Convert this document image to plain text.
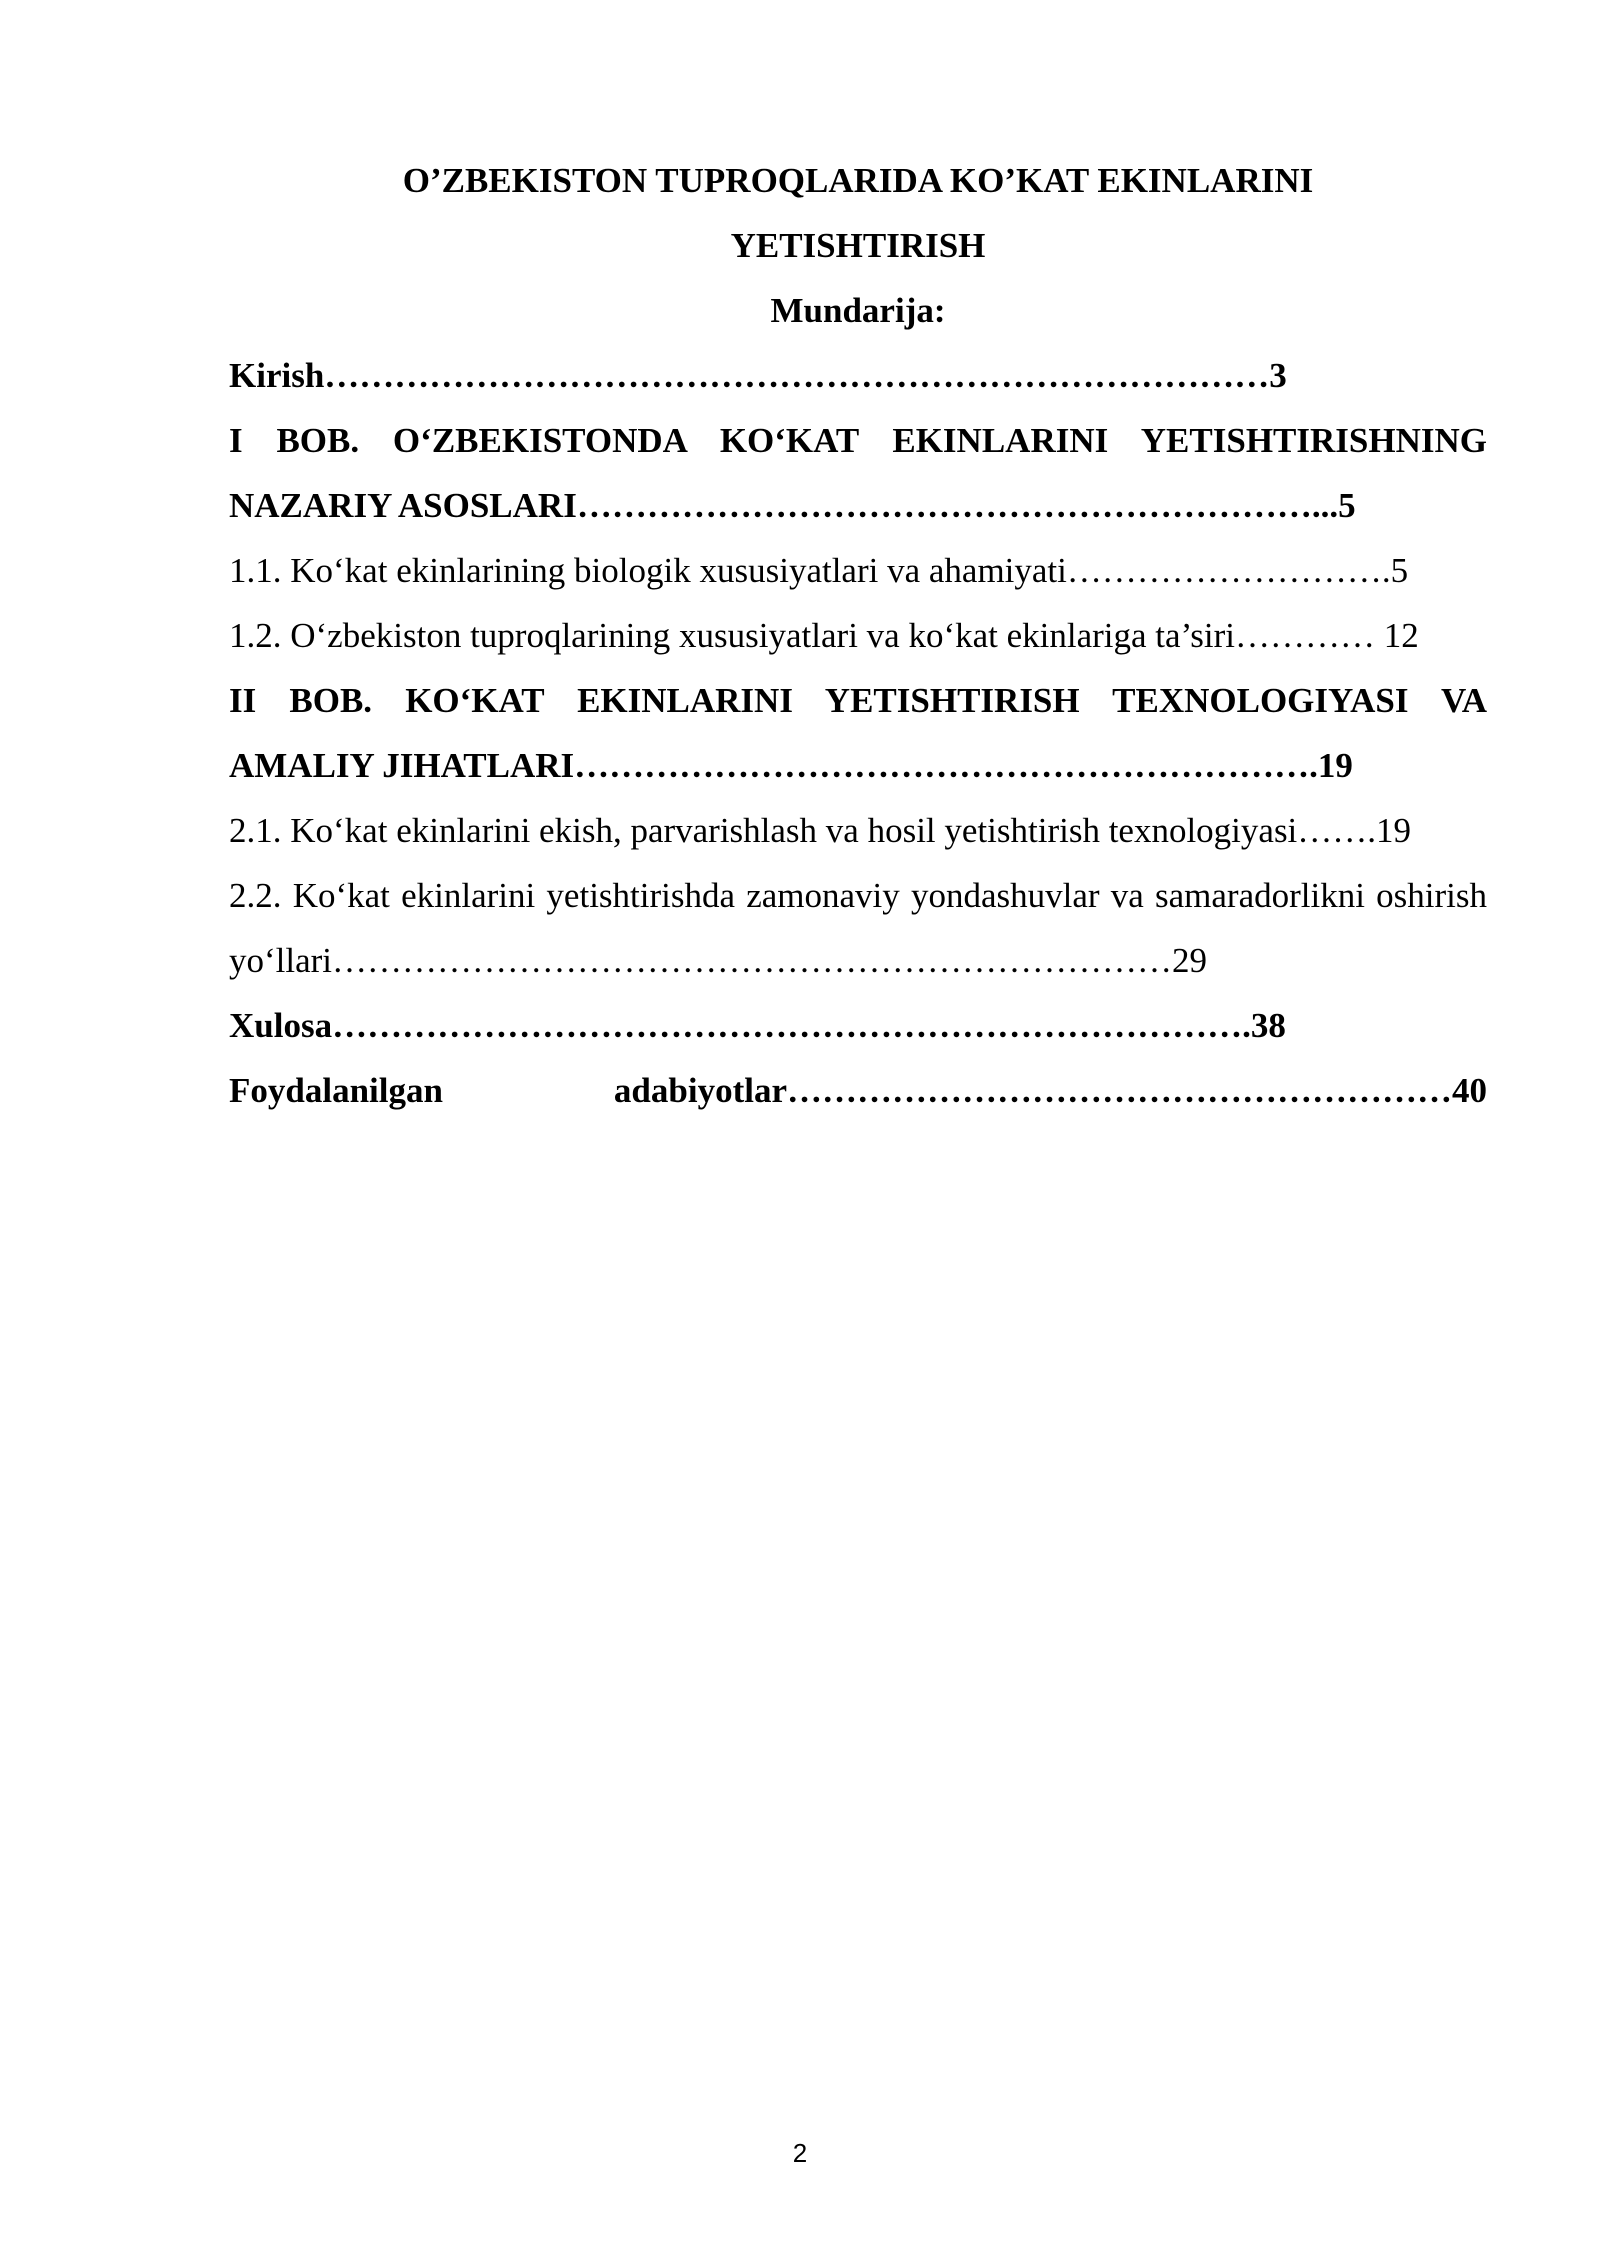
O’ZBEKISTON TUPROQLARIDA KO’KAT EKINLARINI
YETISHTIRISH
Mundarija:
Kirish………………………………………………………………………3
I BOB. O‘ZBEKISTONDA KO‘KAT EKINLARINI YETISHTIRISHNING NAZARIY ASOSLARI………………………………………………………...5
1.1. Ko‘kat ekinlarining biologik xususiyatlari va ahamiyati……………………….5
1.2. O‘zbekiston tuproqlarining xususiyatlari va ko‘kat ekinlariga ta’siri………… 12
II BOB. KO‘KAT EKINLARINI YETISHTIRISH TEXNOLOGIYASI VA AMALIY JIHATLARI……………………………………………………….19
2.1. Ko‘kat ekinlarini ekish, parvarishlash va hosil yetishtirish texnologiyasi…….19
2.2. Ko‘kat ekinlarini yetishtirishda zamonaviy yondashuvlar va samaradorlikni oshirish yo‘llari………………………………………………………………29
Xulosa…………………………………………………………………….38
Foydalanilgan adabiyotlar…………………………………………………40
2
